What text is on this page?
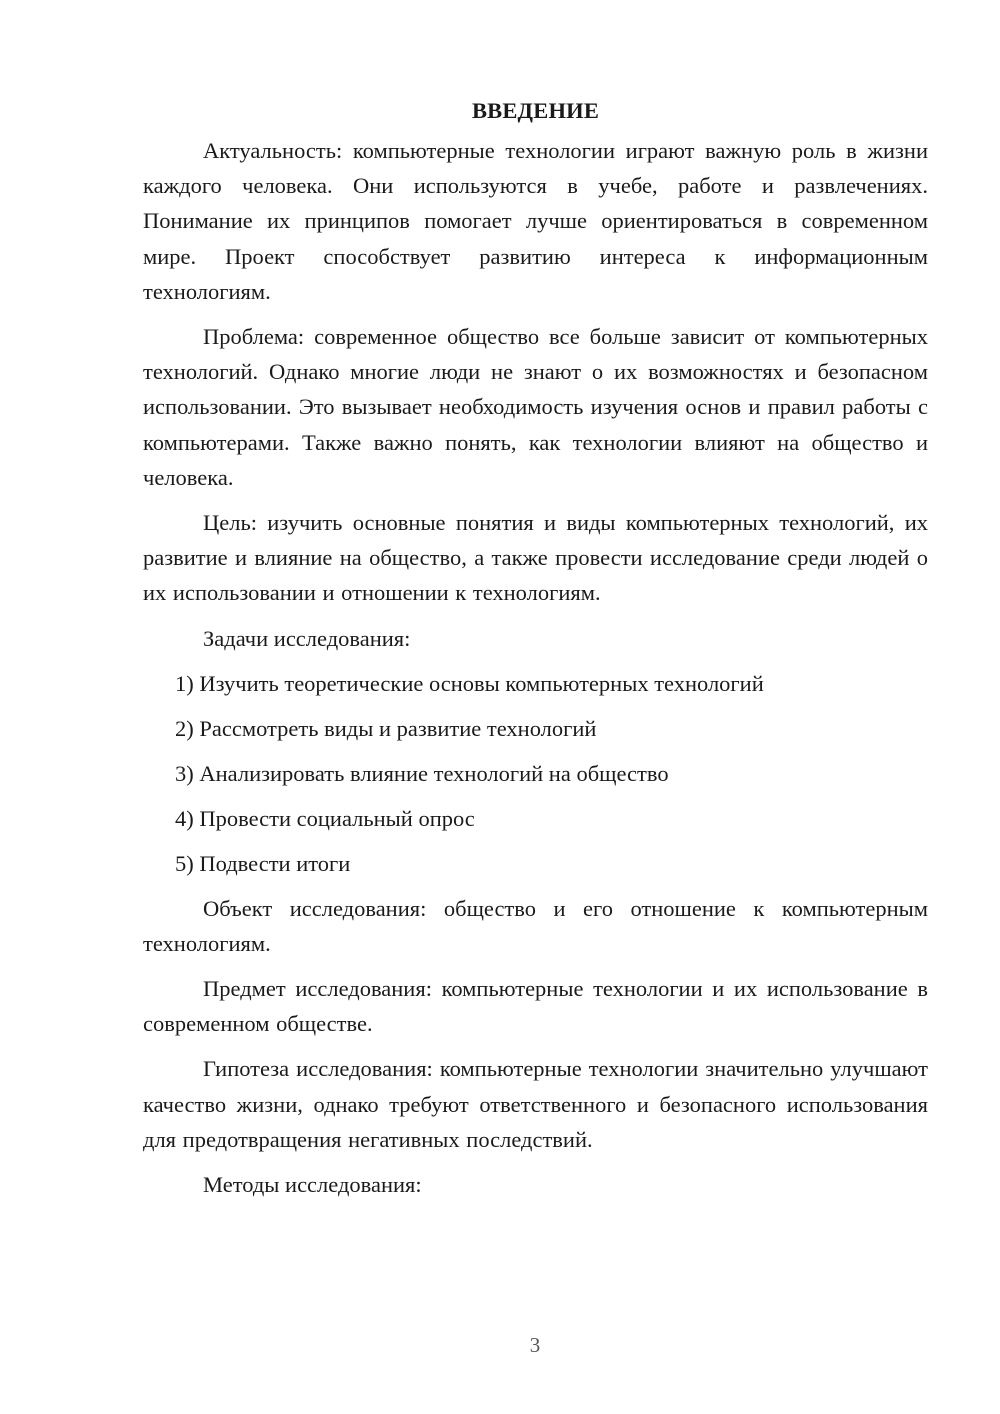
ВВЕДЕНИЕ

Актуальность: компьютерные технологии играют важную роль в жизни каждого человека. Они используются в учебе, работе и развлечениях. Понимание их принципов помогает лучше ориентироваться в современном мире. Проект способствует развитию интереса к информационным технологиям.

Проблема: современное общество все больше зависит от компьютерных технологий. Однако многие люди не знают о их возможностях и безопасном использовании. Это вызывает необходимость изучения основ и правил работы с компьютерами. Также важно понять, как технологии влияют на общество и человека.

Цель: изучить основные понятия и виды компьютерных технологий, их развитие и влияние на общество, а также провести исследование среди людей о их использовании и отношении к технологиям.

Задачи исследования:

1) Изучить теоретические основы компьютерных технологий
2) Рассмотреть виды и развитие технологий
3) Анализировать влияние технологий на общество
4) Провести социальный опрос
5) Подвести итоги

Объект исследования: общество и его отношение к компьютерным технологиям.

Предмет исследования: компьютерные технологии и их использование в современном обществе.

Гипотеза исследования: компьютерные технологии значительно улучшают качество жизни, однако требуют ответственного и безопасного использования для предотвращения негативных последствий.

Методы исследования:

3
